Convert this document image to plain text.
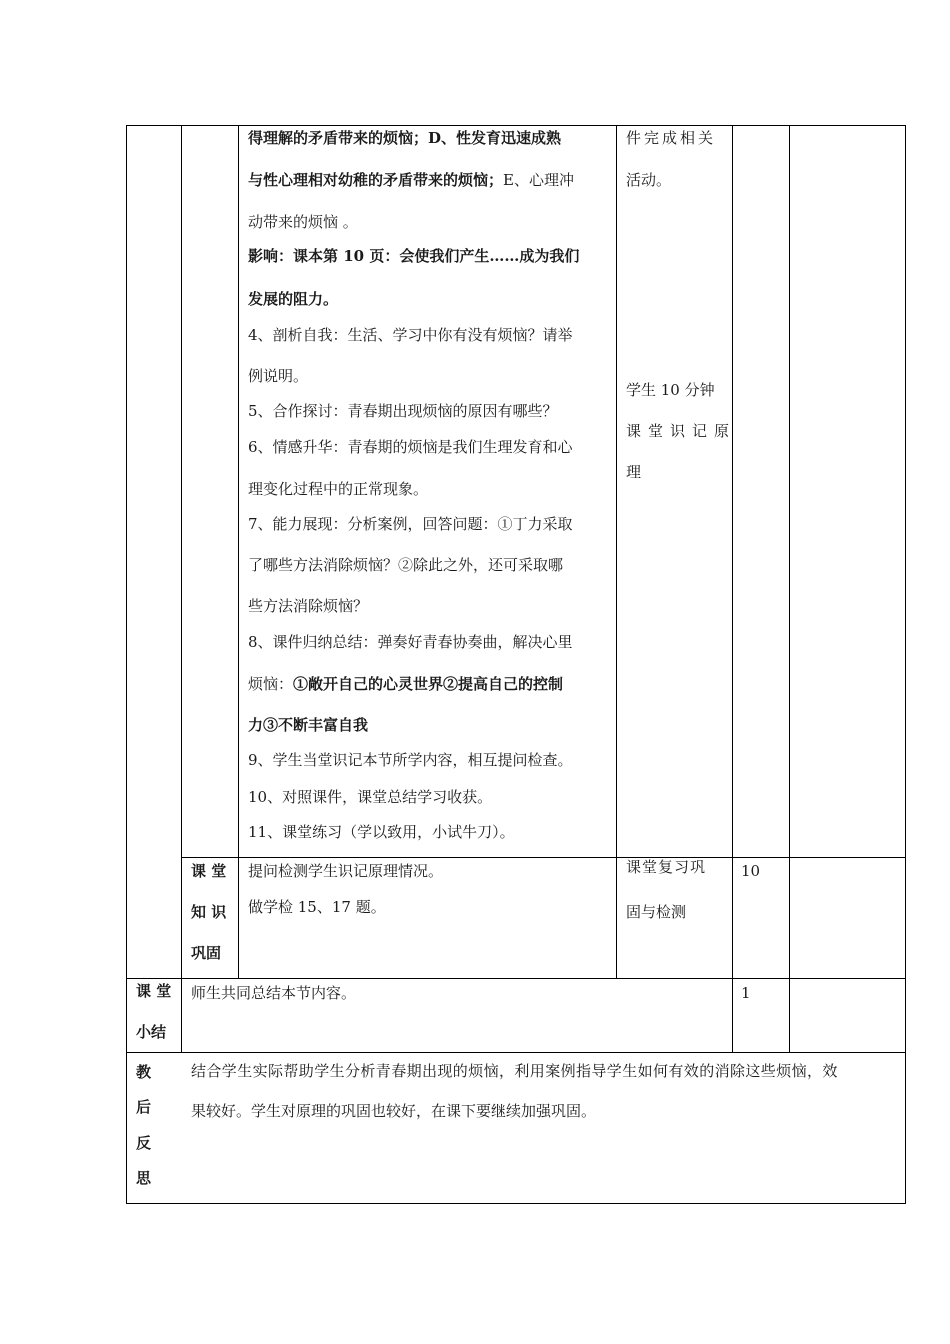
得理解的矛盾带来的烦恼；D、性发育迅速成熟
与性心理相对幼稚的矛盾带来的烦恼；E、心理冲
动带来的烦恼 。
影响：课本第 10 页：会使我们产生……成为我们
发展的阻力。
4、剖析自我：生活、学习中你有没有烦恼？请举
例说明。
5、合作探讨：青春期出现烦恼的原因有哪些？
6、情感升华：青春期的烦恼是我们生理发育和心
理变化过程中的正常现象。
7、能力展现：分析案例，回答问题：①丁力采取
了哪些方法消除烦恼？②除此之外，还可采取哪
些方法消除烦恼？
8、课件归纳总结：弹奏好青春协奏曲，解决心里
烦恼：①敞开自己的心灵世界②提高自己的控制
力③不断丰富自我
9、学生当堂识记本节所学内容，相互提问检查。
10、对照课件，课堂总结学习收获。
11、课堂练习（学以致用，小试牛刀）。
件完成相关
活动。
学生 10 分钟
课堂识记原
理
课 堂
知 识
巩固
提问检测学生识记原理情况。
做学检 15、17 题。
课堂复习巩
固与检测
10
课 堂
小结
师生共同总结本节内容。	1
教
后
反
思
结合学生实际帮助学生分析青春期出现的烦恼，利用案例指导学生如何有效的消除这些烦恼，效
果较好。学生对原理的巩固也较好，在课下要继续加强巩固。
